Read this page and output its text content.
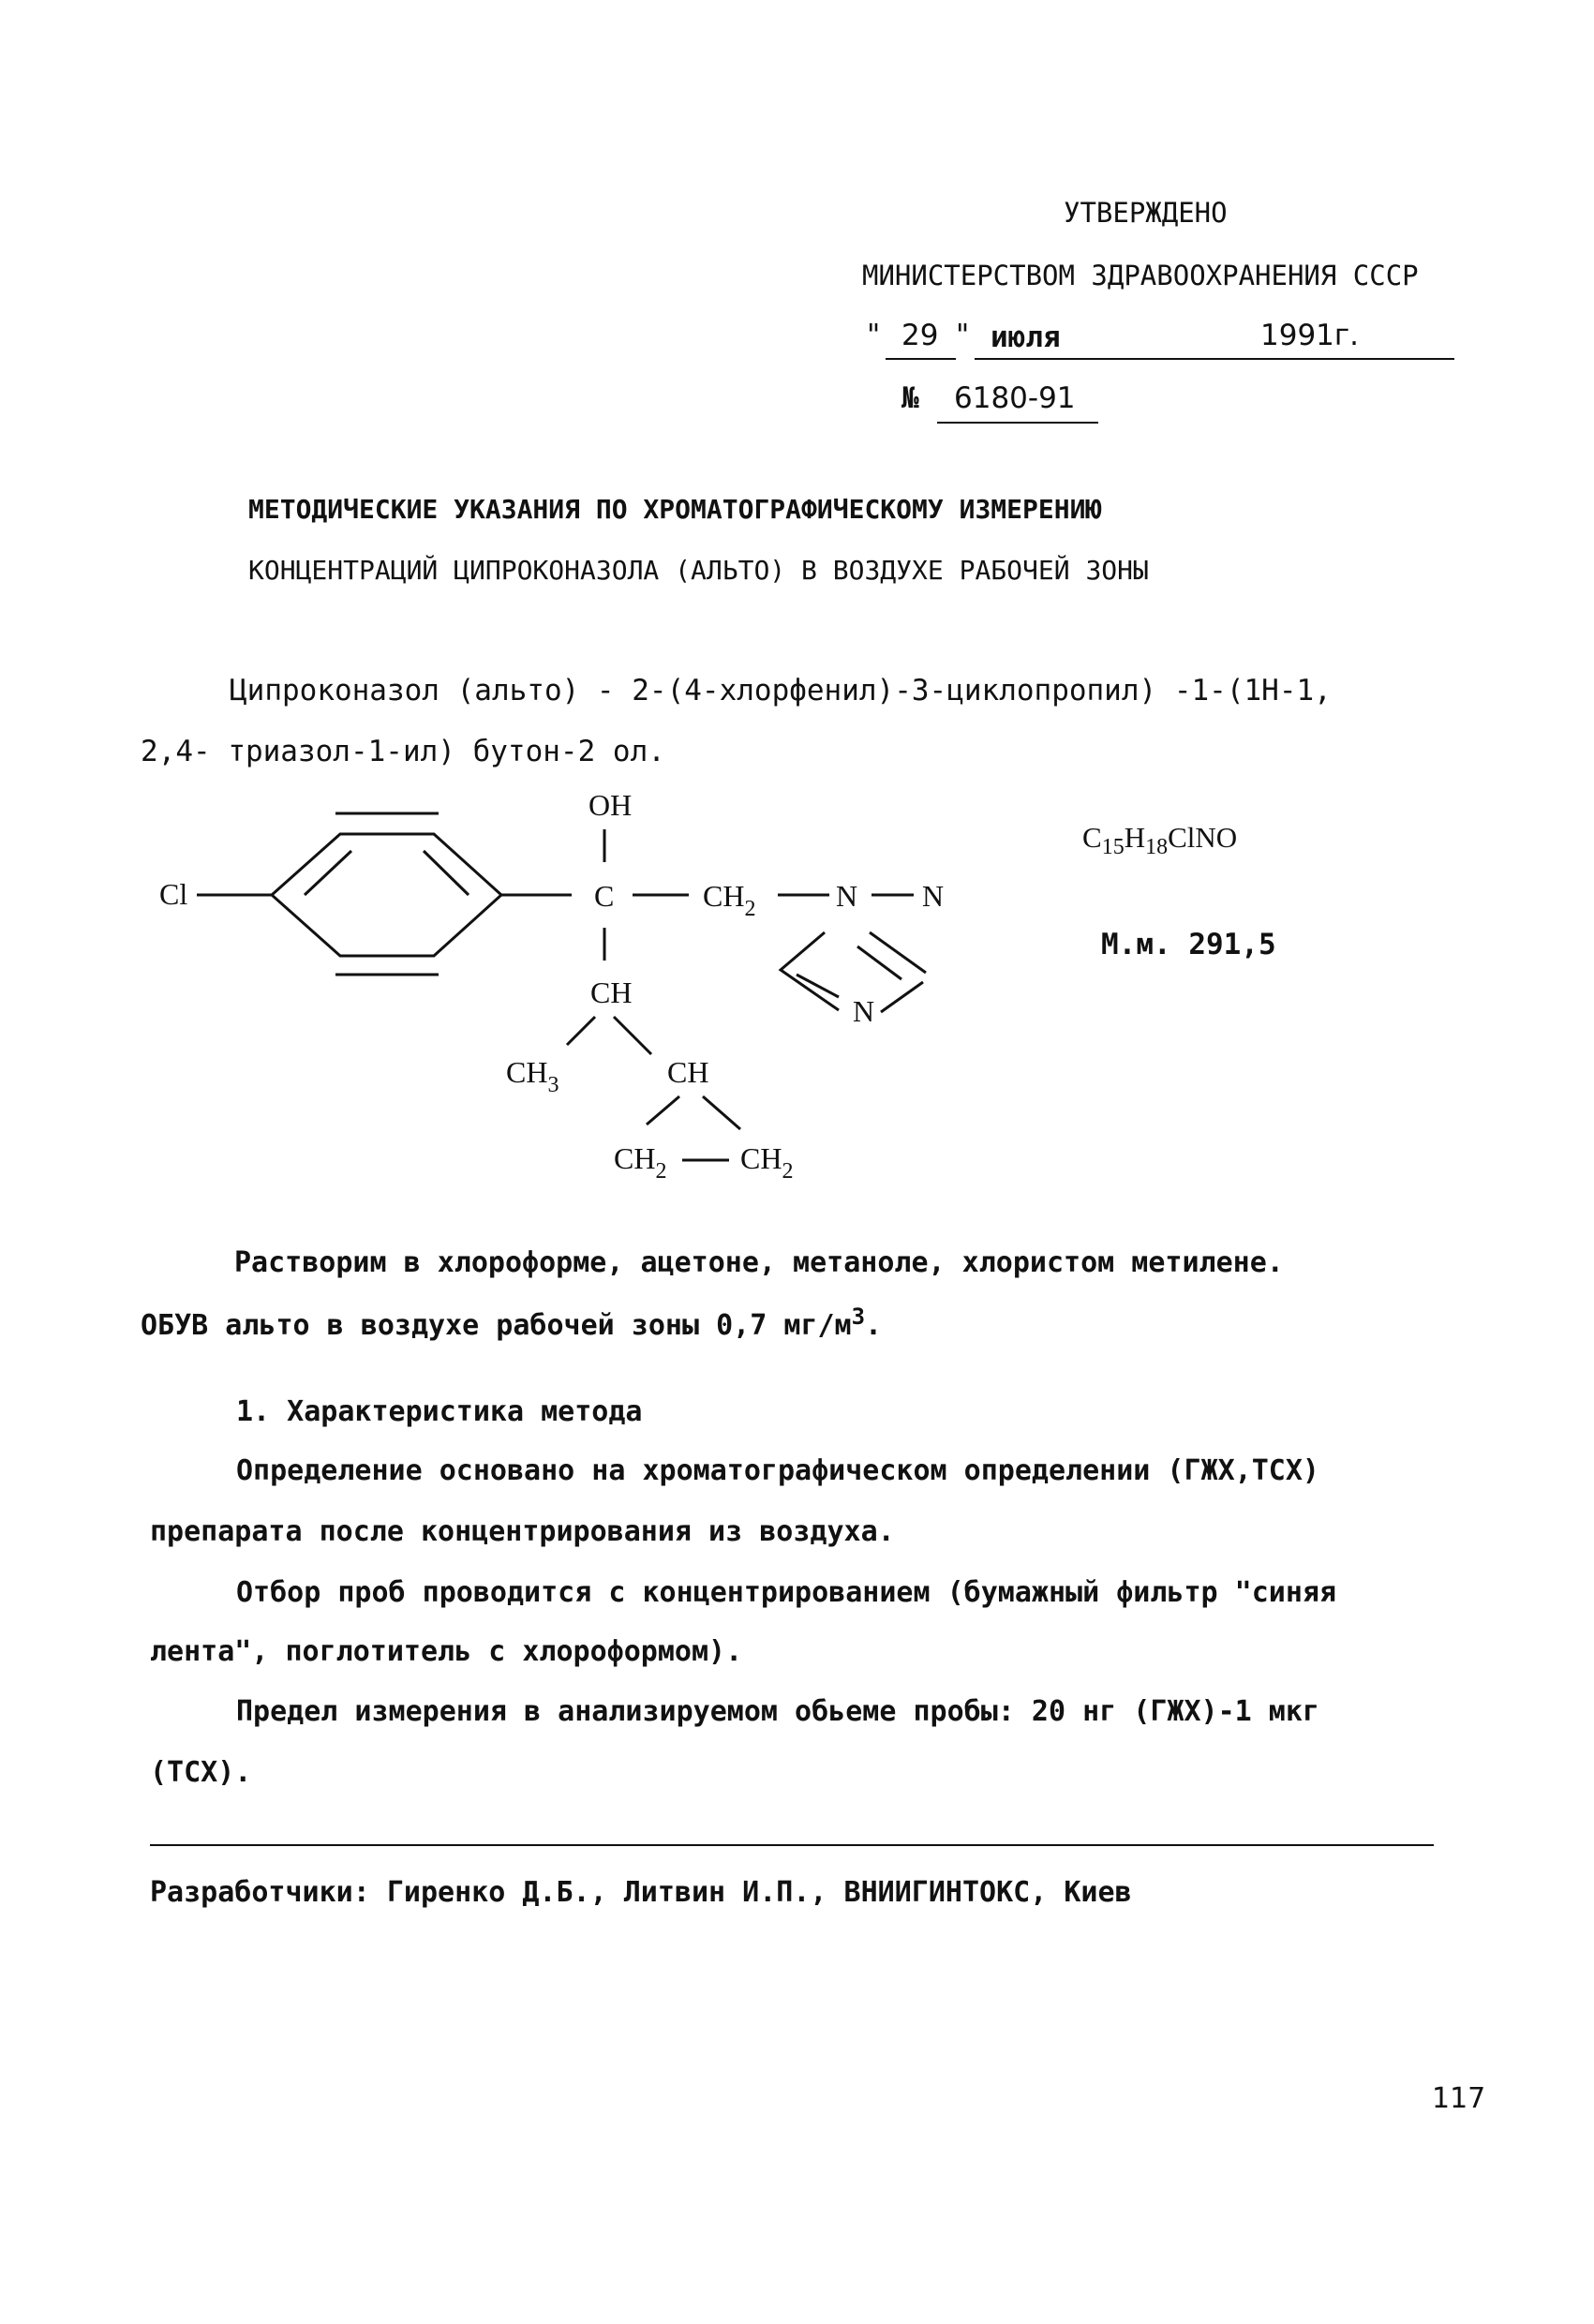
УТВЕРЖДЕНО
МИНИСТЕРСТВОМ ЗДРАВООХРАНЕНИЯ СССР
" 29 " июля	1991г.
№ 6180-91
МЕТОДИЧЕСКИЕ УКАЗАНИЯ ПО ХРОМАТОГРАФИЧЕСКОМУ ИЗМЕРЕНИЮ
КОНЦЕНТРАЦИЙ ЦИПРОКОНАЗОЛА (АЛЬТО) В ВОЗДУХЕ РАБОЧЕЙ ЗОНЫ
Ципроконазол (альто) - 2-(4-хлорфенил)-3-циклопропил) -1-(1Н-1,
2,4- триазол-1-ил) бутон-2 ол.
Cl
OH
C	$CH_2$	N N
N
CH
$CH_3$	CH
$CH_2$ $CH_2$
$C_{15}H_{18}ClNO$
М.м. 291,5
Растворим в хлороформе, ацетоне, метаноле, хлористом метилене.
ОБУВ альто в воздухе рабочей зоны 0,7 $мг/м^3$.
1. Характеристика метода
Определение основано на хроматографическом определении (ГЖХ,ТСХ)
препарата после концентрирования из воздуха.
Отбор проб проводится с концентрированием (бумажный фильтр "синяя
лента", поглотитель с хлороформом).
Предел измерения в анализируемом обьеме пробы: 20 нг (ГЖХ)-1 мкг
(ТСХ).
Разработчики: Гиренко Д.Б., Литвин И.П., ВНИИГИНТОКС, Киев
117
